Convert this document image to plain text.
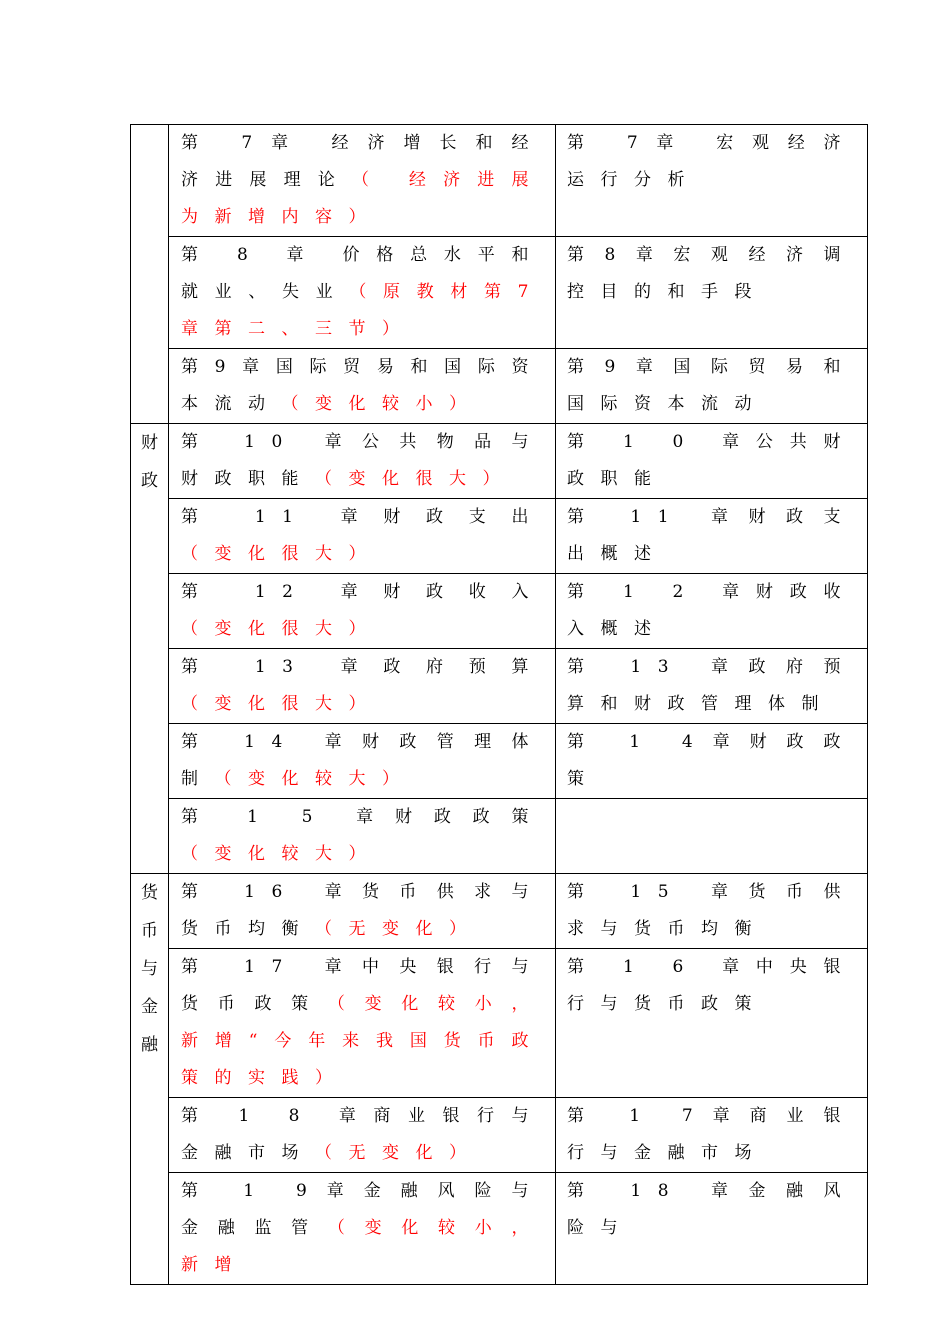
	第 7章 经济增长和经济进展理论（ 经济进展为新增内容）	第 7章 宏观经济运行分析

	第 8 章 价格总水平和就业、失业（原教材第7章第二、三节）	第8章宏观经济调控目的和手段

	第9章国际贸易和国际资本流动（变化较小）	第9章国际贸易和国际资本流动

财政	第 10 章公共物品与财政职能（变化很大）	第 1 0 章公共财政职能

	第 11 章财政支出 （变化很大）	第 11 章财政支出概述

	第 12 章财政收入 （变化很大）	第 1 2 章财政收入概述

	第 13 章政府预算（变化很大）	第 13 章政府预算和财政管理体制

	第 14 章财政管理体制（变化较大）	第 1 4章财政政策

	第 1 5 章财政政策（变化较大）	

货币与金融	第 16 章货币供求与货币均衡（无变化）	第 15 章货币供求与货币均衡

	第 17 章中央银行与货币政策（变化较小，新增“今年来我国货币政策的实践）	第 1 6 章中央银行与货币政策

	第 1 8 章商业银行与金融市场（无变化）	第 1 7章商业银行与金融市场

	第 1 9章金融风险与金融监管（变化较小，新增	第 18 章金融风险与
